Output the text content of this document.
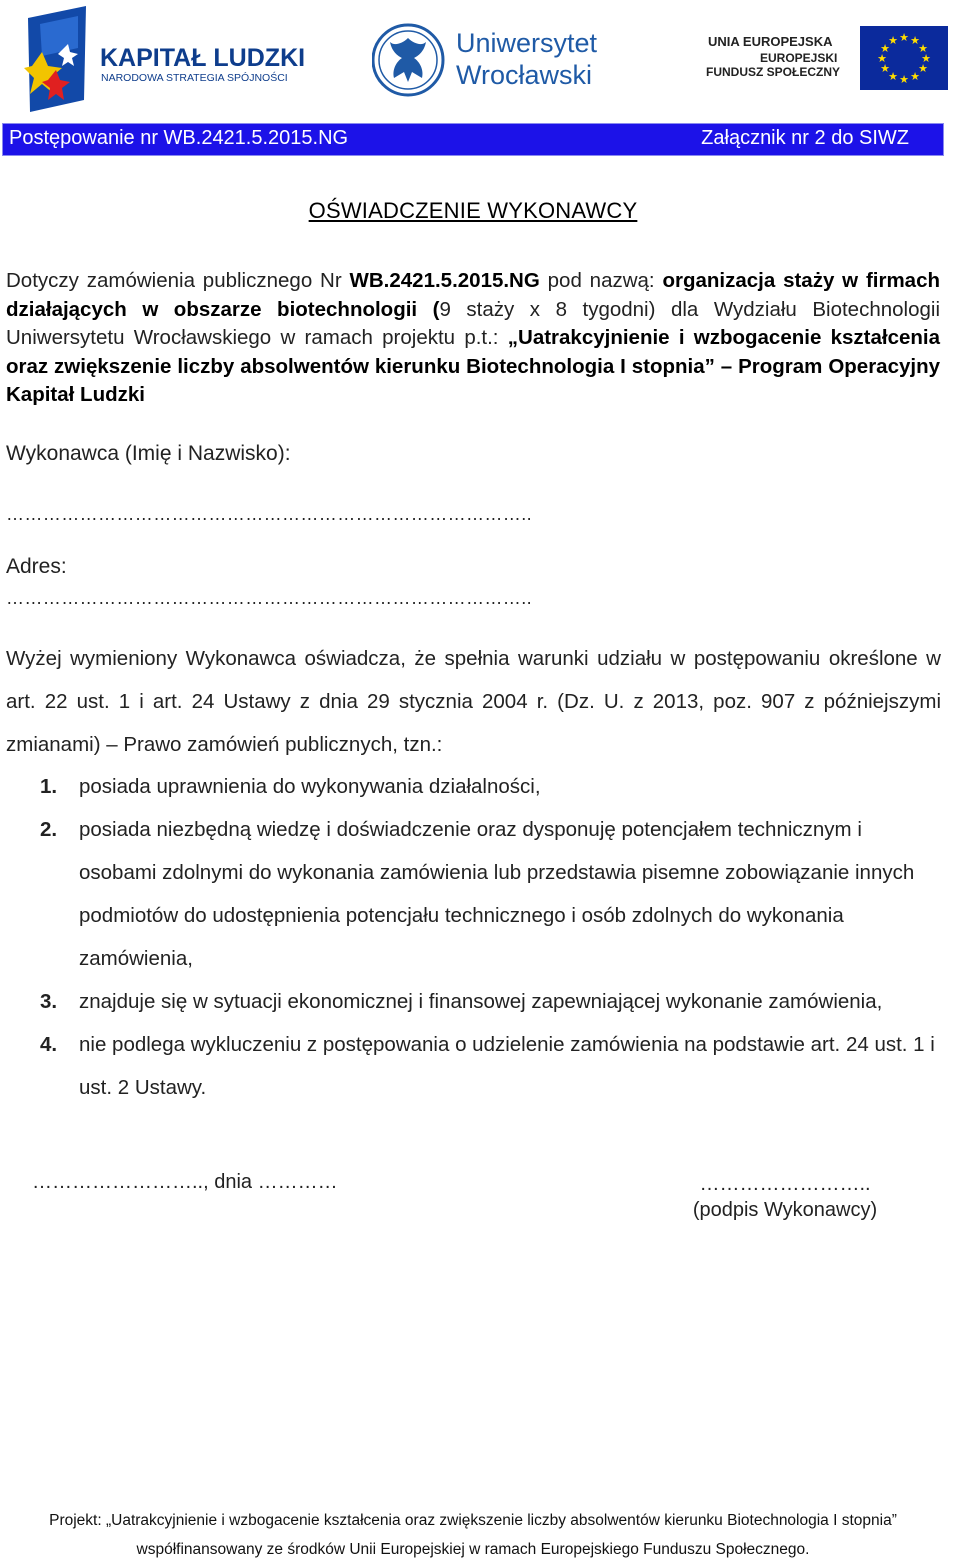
KAPITAŁ LUDZKI
NARODOWA STRATEGIA SPÓJNOŚCI
Uniwersytet
Wrocławski
UNIA EUROPEJSKA
EUROPEJSKI
FUNDUSZ SPOŁECZNY
★ ★
★
★
★
★
★
★
★
★
★
★
Postępowanie nr WB.2421.5.2015.NG	Załącznik nr 2 do SIWZ
OŚWIADCZENIE WYKONAWCY
Dotyczy zamówienia publicznego Nr WB.2421.5.2015.NG pod nazwą: organizacja staży w firmach działających w obszarze biotechnologii (9 staży x 8 tygodni) dla Wydziału Biotechnologii Uniwersytetu Wrocławskiego w ramach projektu p.t.: „Uatrakcyjnienie i wzbogacenie kształcenia oraz zwiększenie liczby absolwentów kierunku Biotechnologia I stopnia” – Program Operacyjny Kapitał Ludzki
Wykonawca (Imię i Nazwisko):
…………………………………………………………………………..
Adres:
…………………………………………………………………………..
Wyżej wymieniony Wykonawca oświadcza, że spełnia warunki udziału w postępowaniu określone w art. 22 ust. 1 i art. 24 Ustawy z dnia 29 stycznia 2004 r. (Dz. U. z 2013, poz. 907 z późniejszymi zmianami) – Prawo zamówień publicznych, tzn.:
1. posiada uprawnienia do wykonywania działalności,
2. posiada niezbędną wiedzę i doświadczenie oraz dysponuję potencjałem technicznym i osobami zdolnymi do wykonania zamówienia lub przedstawia pisemne zobowiązanie innych podmiotów do udostępnienia potencjału technicznego i osób zdolnych do wykonania zamówienia,
3. znajduje się w sytuacji ekonomicznej i finansowej zapewniającej wykonanie zamówienia,
4. nie podlega wykluczeniu z postępowania o udzielenie zamówienia na podstawie art. 24 ust. 1 i ust. 2 Ustawy.
…………………….., dnia …………	……………………..
(podpis Wykonawcy)
Projekt: „Uatrakcyjnienie i wzbogacenie kształcenia oraz zwiększenie liczby absolwentów kierunku Biotechnologia I stopnia”
współfinansowany ze środków Unii Europejskiej w ramach Europejskiego Funduszu Społecznego.
